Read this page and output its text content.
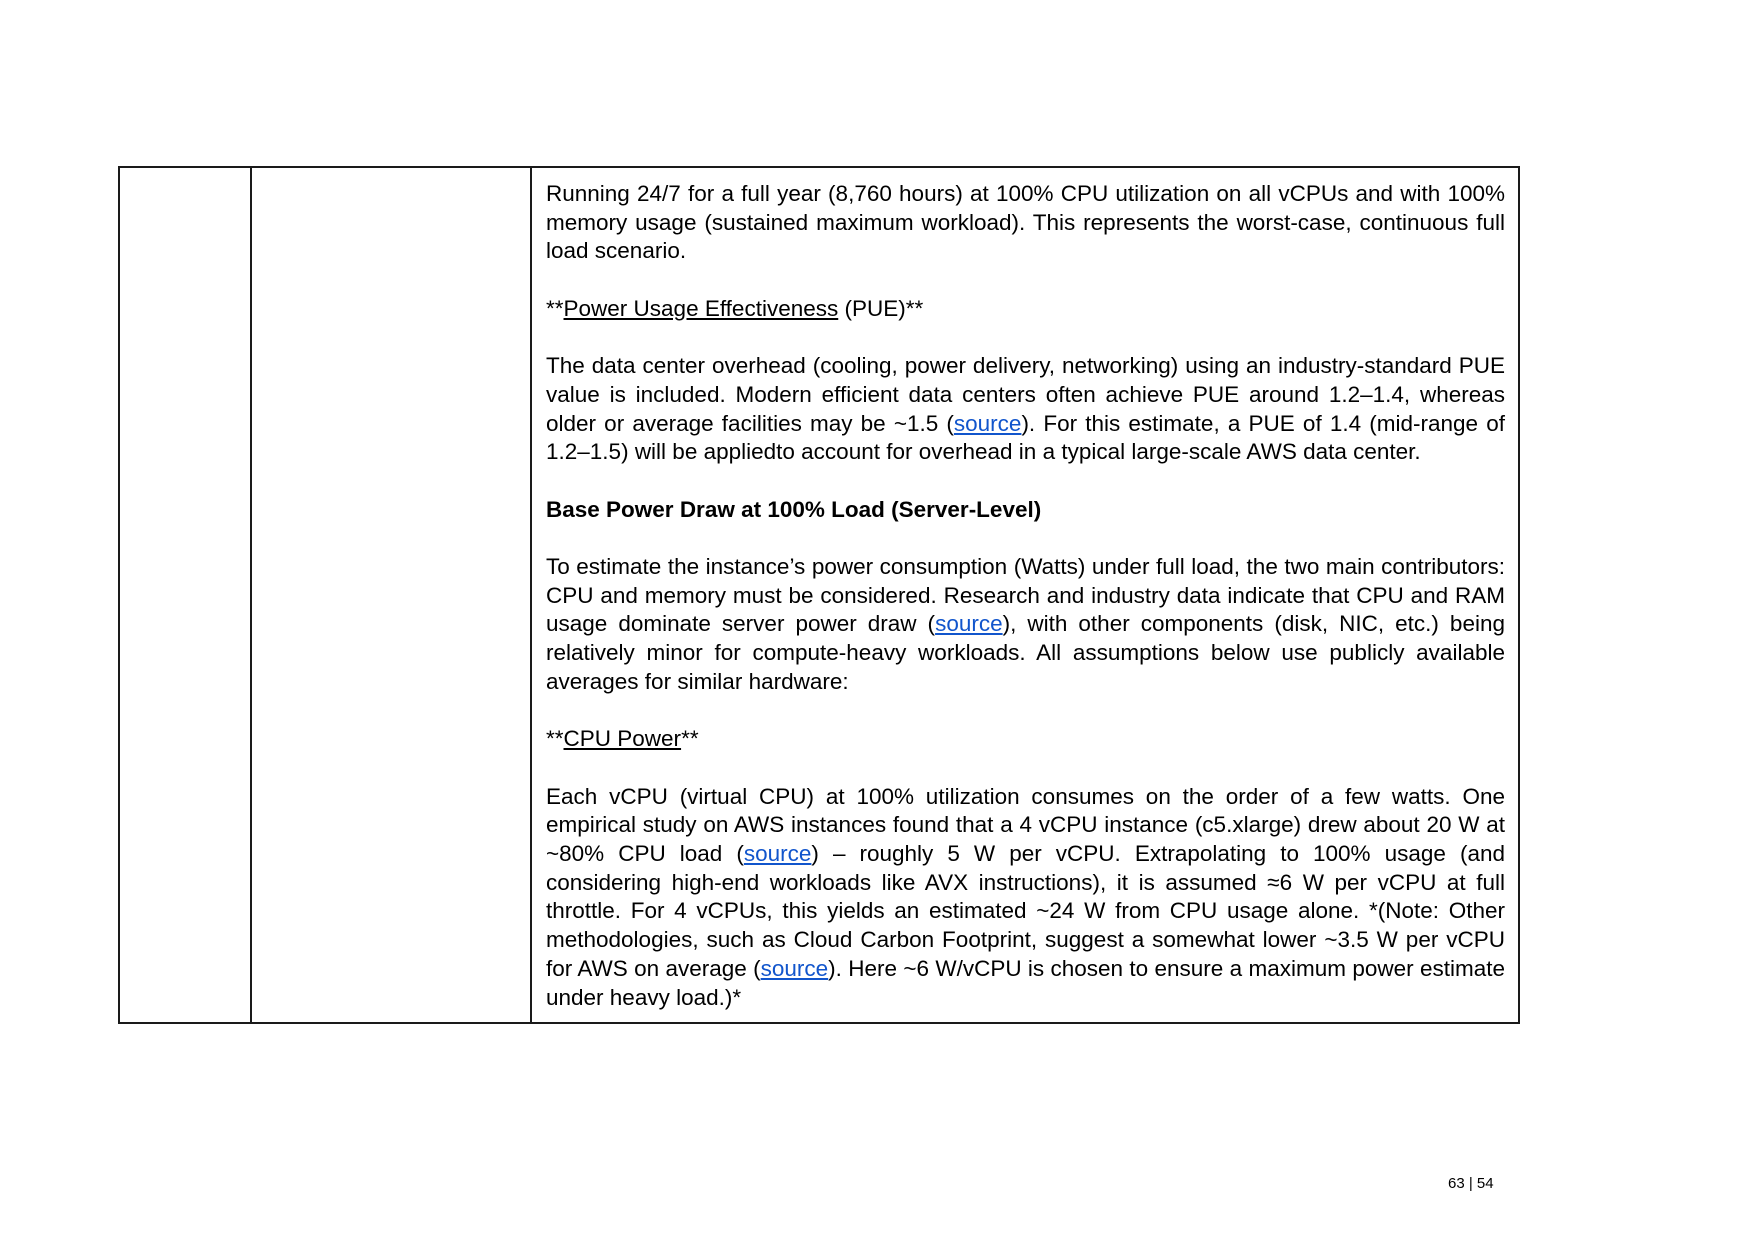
Running 24/7 for a full year (8,760 hours) at 100% CPU utilization on all vCPUs and with 100% memory usage (sustained maximum workload). This represents the worst-case, continuous full load scenario.

**Power Usage Effectiveness (PUE)**

The data center overhead (cooling, power delivery, networking) using an industry-standard PUE value is included. Modern efficient data centers often achieve PUE around 1.2–1.4, whereas older or average facilities may be ~1.5 (source). For this estimate, a PUE of 1.4 (mid-range of 1.2–1.5) will be appliedto account for overhead in a typical large-scale AWS data center.

Base Power Draw at 100% Load (Server-Level)

To estimate the instance’s power consumption (Watts) under full load, the two main contributors: CPU and memory must be considered. Research and industry data indicate that CPU and RAM usage dominate server power draw (source), with other components (disk, NIC, etc.) being relatively minor for compute-heavy workloads. All assumptions below use publicly available averages for similar hardware:

**CPU Power**

Each vCPU (virtual CPU) at 100% utilization consumes on the order of a few watts. One empirical study on AWS instances found that a 4 vCPU instance (c5.xlarge) drew about 20 W at ~80% CPU load (source) – roughly 5 W per vCPU. Extrapolating to 100% usage (and considering high-end workloads like AVX instructions), it is assumed ≈6 W per vCPU at full throttle. For 4 vCPUs, this yields an estimated ~24 W from CPU usage alone. *(Note: Other methodologies, such as Cloud Carbon Footprint, suggest a somewhat lower ~3.5 W per vCPU for AWS on average (source). Here ~6 W/vCPU is chosen to ensure a maximum power estimate under heavy load.)*

63 | 54
